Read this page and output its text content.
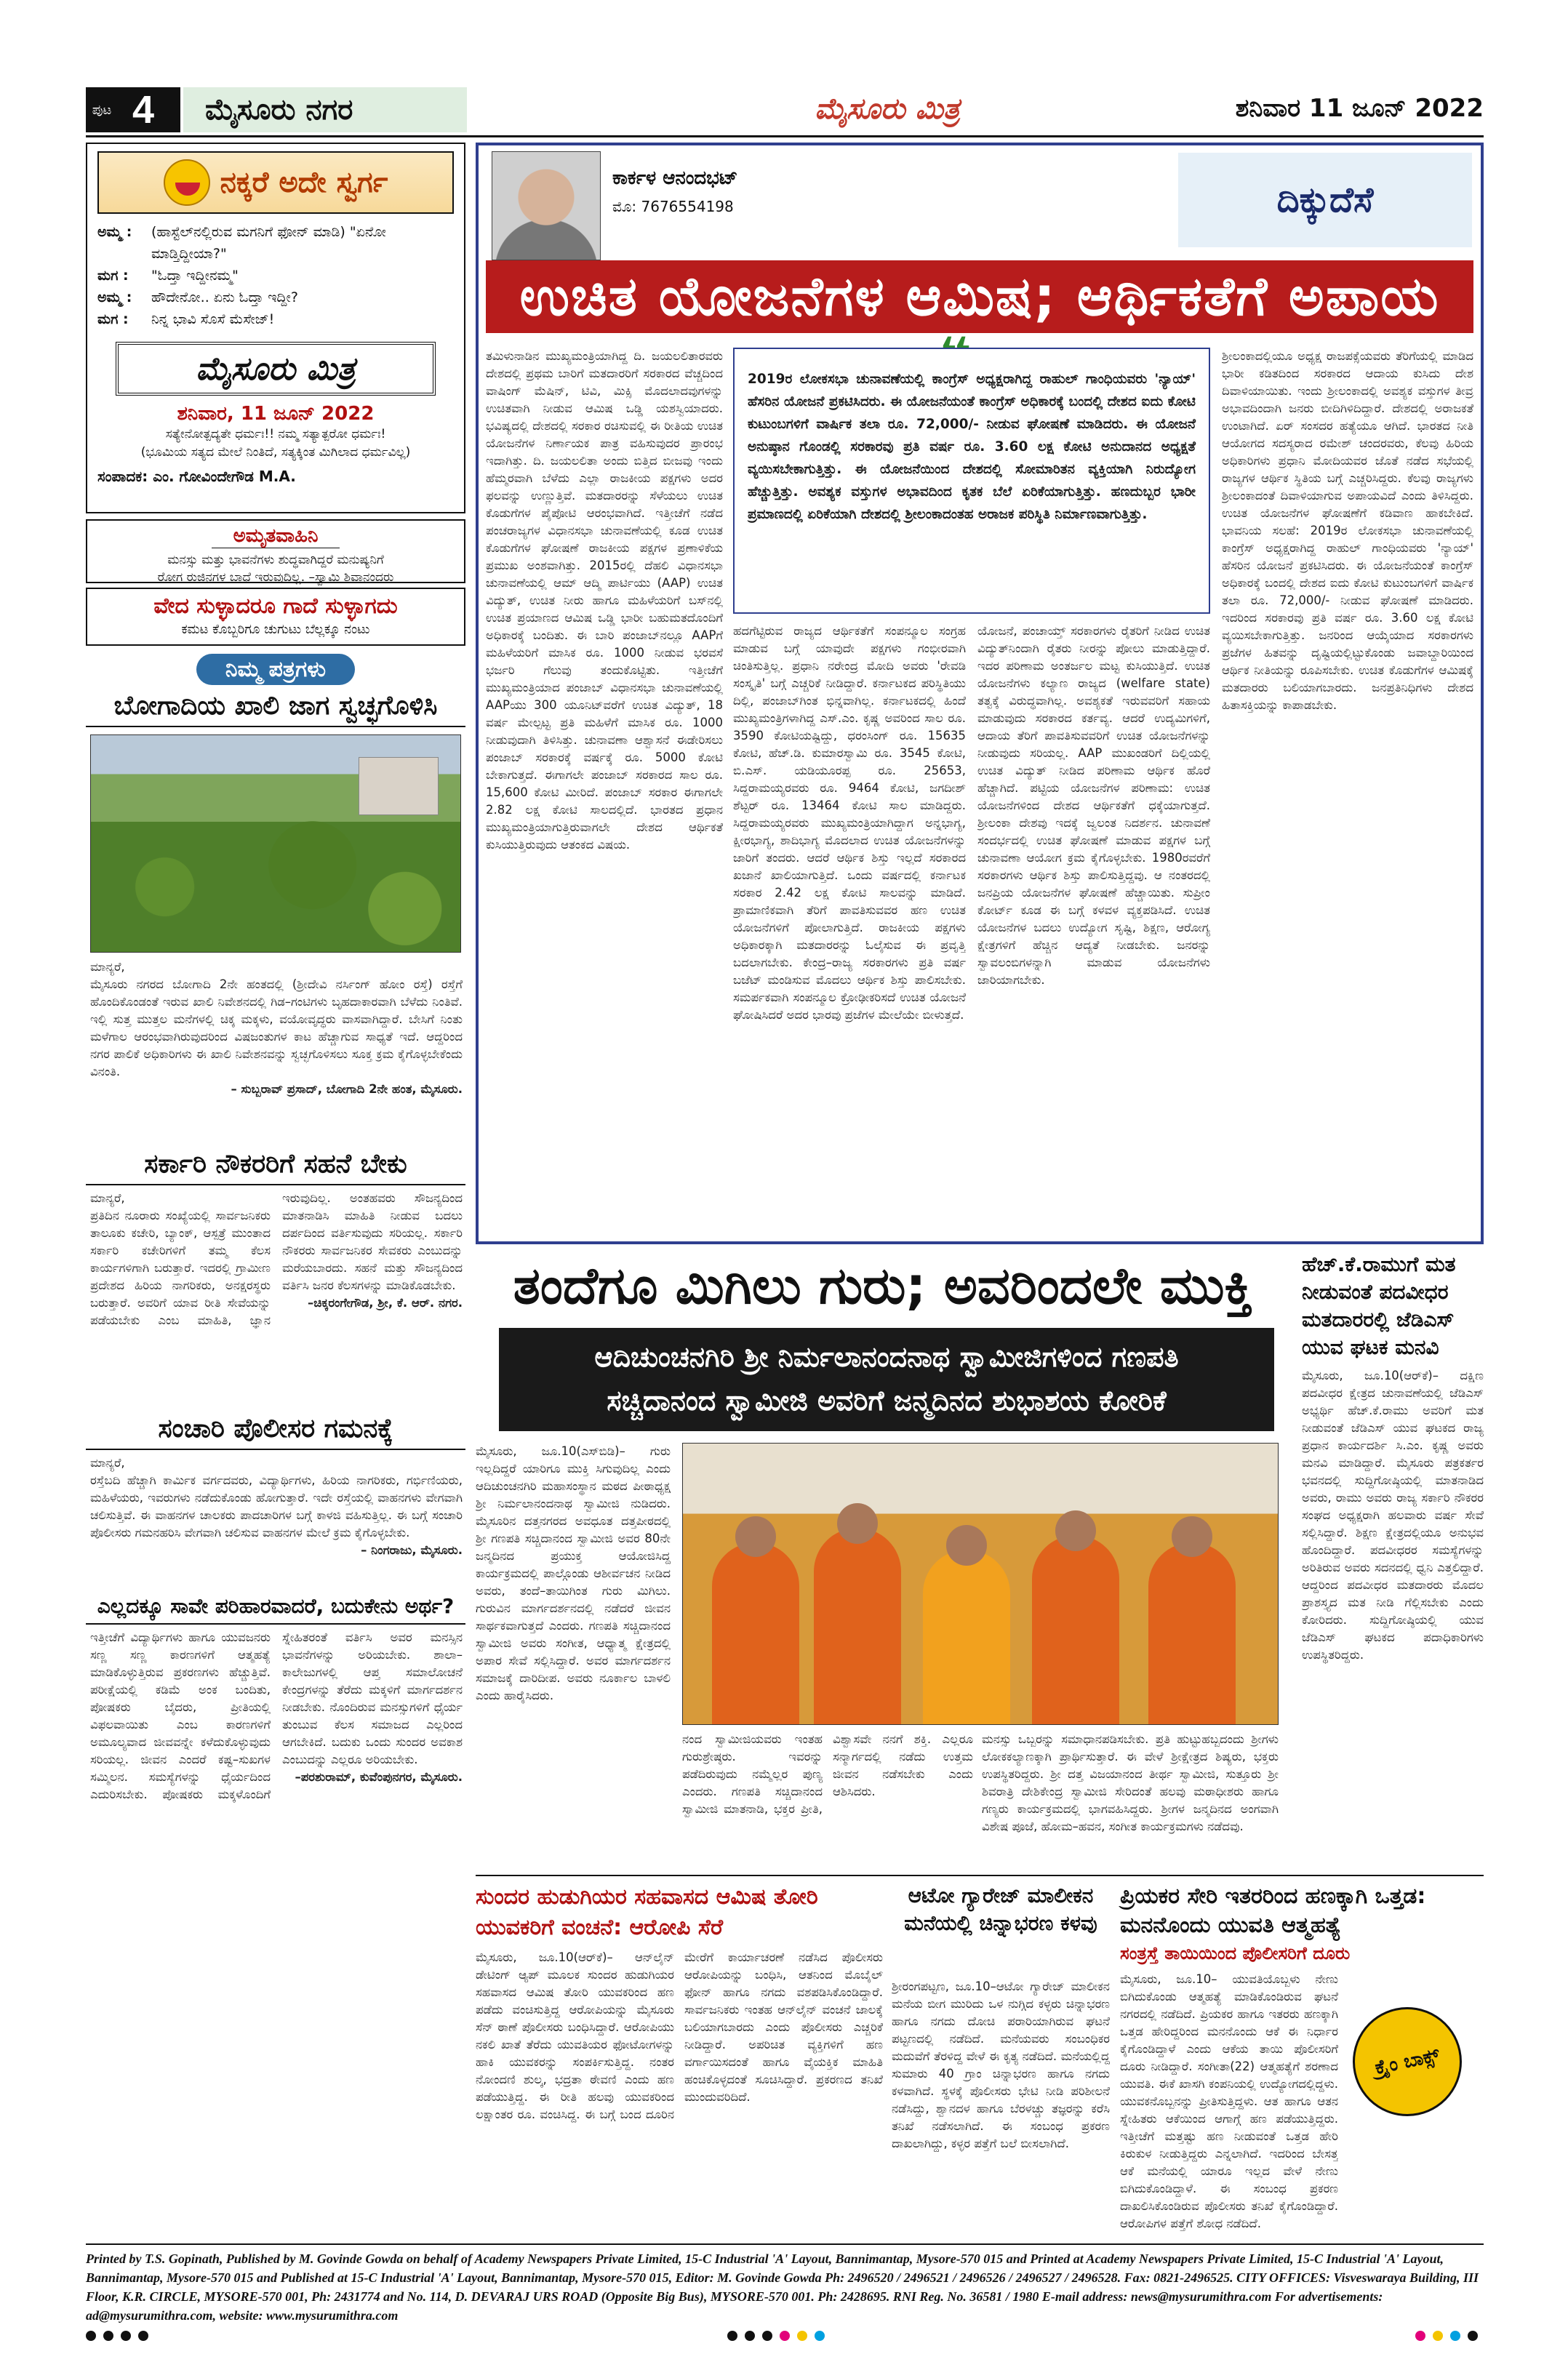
ಪುಟ 4	ಮೈಸೂರು ನಗರ	ಮೈಸೂರು ಮಿತ್ರ	ಶನಿವಾರ 11 ಜೂನ್ 2022
ನಕ್ಕರೆ ಅದೇ ಸ್ವರ್ಗ
ಅಮ್ಮ :	(ಹಾಸ್ಟೆಲ್‌ನಲ್ಲಿರುವ ಮಗನಿಗೆ ಫೋನ್ ಮಾಡಿ) "ಏನೋ ಮಾಡ್ತಿದ್ದೀಯಾ?"
ಮಗ :	"ಓದ್ತಾ ಇದ್ದೀನಮ್ಮ"
ಅಮ್ಮ :	ಹೌದೇನೋ.. ಏನು ಓದ್ತಾ ಇದ್ದೀ?
ಮಗ :	ನಿನ್ನ ಭಾವಿ ಸೊಸೆ ಮೆಸೇಜ್!
ಮೈಸೂರು ಮಿತ್ರ
ಶನಿವಾರ, 11 ಜೂನ್ 2022
ಸತ್ಯೇನೋತ್ಪದ್ಯತೇ ಧರ್ಮಃ!! ನಮ್ಮ ಸತ್ಯಾತ್ಪರೋ ಧರ್ಮಃ!
(ಭೂಮಿಯ ಸತ್ಯದ ಮೇಲೆ ನಿಂತಿದೆ, ಸತ್ಯಕ್ಕಿಂತ ಮಿಗಿಲಾದ ಧರ್ಮವಿಲ್ಲ)
ಸಂಪಾದಕ: ಎಂ. ಗೋವಿಂದೇಗೌಡ M.A.
ಅಮೃತವಾಹಿನಿ

ಮನಸ್ಸು ಮತ್ತು ಭಾವನೆಗಳು ಶುದ್ಧವಾಗಿದ್ದರೆ ಮನುಷ್ಯನಿಗೆ

ರೋಗ ರುಜಿನಗಳ ಬಾಧೆ ಇರುವುದಿಲ್ಲ. –ಸ್ವಾಮಿ ಶಿವಾನಂದರು

ವೇದ ಸುಳ್ಳಾದರೂ ಗಾದೆ ಸುಳ್ಳಾಗದು

ಕಮಟ ಕೊಬ್ಬರಿಗೂ ಚುಗುಟು ಬೆಲ್ಲಕ್ಕೂ ನಂಟು

ನಿಮ್ಮ ಪತ್ರಗಳು
ಬೋಗಾದಿಯ ಖಾಲಿ ಜಾಗ ಸ್ವಚ್ಛಗೊಳಿಸಿ
ಮಾನ್ಯರೆ,
ಮೈಸೂರು ನಗರದ ಬೋಗಾದಿ 2ನೇ ಹಂತದಲ್ಲಿ (ಶ್ರೀದೇವಿ ನರ್ಸಿಂಗ್ ಹೋಂ ರಸ್ತೆ) ರಸ್ತೆಗೆ ಹೊಂದಿಕೊಂಡಂತೆ ಇರುವ ಖಾಲಿ ನಿವೇಶನದಲ್ಲಿ ಗಿಡ–ಗಂಟಿಗಳು ಬೃಹದಾಕಾರವಾಗಿ ಬೆಳೆದು ನಿಂತಿವೆ. ಇಲ್ಲಿ ಸುತ್ತ ಮುತ್ತಲ ಮನೆಗಳಲ್ಲಿ ಚಿಕ್ಕ ಮಕ್ಕಳು, ವಯೋವೃದ್ಧರು ವಾಸವಾಗಿದ್ದಾರೆ. ಬೇಸಿಗೆ ನಿಂತು ಮಳೆಗಾಲ ಆರಂಭವಾಗಿರುವುದರಿಂದ ವಿಷಜಂತುಗಳ ಕಾಟ ಹೆಚ್ಚಾಗುವ ಸಾಧ್ಯತೆ ಇದೆ. ಆದ್ದರಿಂದ ನಗರ ಪಾಲಿಕೆ ಅಧಿಕಾರಿಗಳು ಈ ಖಾಲಿ ನಿವೇಶನವನ್ನು ಸ್ವಚ್ಛಗೊಳಿಸಲು ಸೂಕ್ತ ಕ್ರಮ ಕೈಗೊಳ್ಳಬೇಕೆಂದು ವಿನಂತಿ.
– ಸುಬ್ಬರಾವ್ ಪ್ರಸಾದ್, ಬೋಗಾದಿ 2ನೇ ಹಂತ, ಮೈಸೂರು.
ಸರ್ಕಾರಿ ನೌಕರರಿಗೆ ಸಹನೆ ಬೇಕು
ಮಾನ್ಯರೆ,
ಪ್ರತಿದಿನ ನೂರಾರು ಸಂಖ್ಯೆಯಲ್ಲಿ ಸಾರ್ವಜನಿಕರು ತಾಲೂಕು ಕಚೇರಿ, ಬ್ಯಾಂಕ್, ಆಸ್ಪತ್ರೆ ಮುಂತಾದ ಸರ್ಕಾರಿ ಕಚೇರಿಗಳಿಗೆ ತಮ್ಮ ಕೆಲಸ ಕಾರ್ಯಗಳಿಗಾಗಿ ಬರುತ್ತಾರೆ. ಇದರಲ್ಲಿ ಗ್ರಾಮೀಣ ಪ್ರದೇಶದ ಹಿರಿಯ ನಾಗರಿಕರು, ಅನಕ್ಷರಸ್ಥರು ಬರುತ್ತಾರೆ. ಅವರಿಗೆ ಯಾವ ರೀತಿ ಸೇವೆಯನ್ನು ಪಡೆಯಬೇಕು ಎಂಬ ಮಾಹಿತಿ, ಜ್ಞಾನ ಇರುವುದಿಲ್ಲ. ಅಂತಹವರು ಸೌಜನ್ಯದಿಂದ ಮಾತನಾಡಿಸಿ ಮಾಹಿತಿ ನೀಡುವ ಬದಲು ದರ್ಪದಿಂದ ವರ್ತಿಸುವುದು ಸರಿಯಲ್ಲ. ಸರ್ಕಾರಿ ನೌಕರರು ಸಾರ್ವಜನಿಕರ ಸೇವಕರು ಎಂಬುದನ್ನು ಮರೆಯಬಾರದು. ಸಹನೆ ಮತ್ತು ಸೌಜನ್ಯದಿಂದ ವರ್ತಿಸಿ ಜನರ ಕೆಲಸಗಳನ್ನು ಮಾಡಿಕೊಡಬೇಕು.
–ಚಿಕ್ಕರಂಗೇಗೌಡ, ಶ್ರೀ, ಕೆ. ಆರ್. ನಗರ.
ಸಂಚಾರಿ ಪೊಲೀಸರ ಗಮನಕ್ಕೆ
ಮಾನ್ಯರೆ,
ರಸ್ತೆಬದಿ ಹೆಚ್ಚಾಗಿ ಕಾರ್ಮಿಕ ವರ್ಗದವರು, ವಿದ್ಯಾರ್ಥಿಗಳು, ಹಿರಿಯ ನಾಗರಿಕರು, ಗರ್ಭಿಣಿಯರು, ಮಹಿಳೆಯರು, ಇವರುಗಳು ನಡೆದುಕೊಂಡು ಹೋಗುತ್ತಾರೆ. ಇದೇ ರಸ್ತೆಯಲ್ಲಿ ವಾಹನಗಳು ವೇಗವಾಗಿ ಚಲಿಸುತ್ತಿವೆ. ಈ ವಾಹನಗಳ ಚಾಲಕರು ಪಾದಚಾರಿಗಳ ಬಗ್ಗೆ ಕಾಳಜಿ ವಹಿಸುತ್ತಿಲ್ಲ. ಈ ಬಗ್ಗೆ ಸಂಚಾರಿ ಪೊಲೀಸರು ಗಮನಹರಿಸಿ ವೇಗವಾಗಿ ಚಲಿಸುವ ವಾಹನಗಳ ಮೇಲೆ ಕ್ರಮ ಕೈಗೊಳ್ಳಬೇಕು.
– ನಿಂಗರಾಜು, ಮೈಸೂರು.
ಎಲ್ಲದಕ್ಕೂ ಸಾವೇ ಪರಿಹಾರವಾದರೆ, ಬದುಕೇನು ಅರ್ಥ?
ಇತ್ತೀಚೆಗೆ ವಿದ್ಯಾರ್ಥಿಗಳು ಹಾಗೂ ಯುವಜನರು ಸಣ್ಣ ಸಣ್ಣ ಕಾರಣಗಳಿಗೆ ಆತ್ಮಹತ್ಯೆ ಮಾಡಿಕೊಳ್ಳುತ್ತಿರುವ ಪ್ರಕರಣಗಳು ಹೆಚ್ಚುತ್ತಿವೆ. ಪರೀಕ್ಷೆಯಲ್ಲಿ ಕಡಿಮೆ ಅಂಕ ಬಂದಿತು, ಪೋಷಕರು ಬೈದರು, ಪ್ರೀತಿಯಲ್ಲಿ ವಿಫಲವಾಯಿತು ಎಂಬ ಕಾರಣಗಳಿಗೆ ಅಮೂಲ್ಯವಾದ ಜೀವವನ್ನೇ ಕಳೆದುಕೊಳ್ಳುವುದು ಸರಿಯಲ್ಲ. ಜೀವನ ಎಂದರೆ ಕಷ್ಟ–ಸುಖಗಳ ಸಮ್ಮಿಲನ. ಸಮಸ್ಯೆಗಳನ್ನು ಧೈರ್ಯದಿಂದ ಎದುರಿಸಬೇಕು. ಪೋಷಕರು ಮಕ್ಕಳೊಂದಿಗೆ ಸ್ನೇಹಿತರಂತೆ ವರ್ತಿಸಿ ಅವರ ಮನಸ್ಸಿನ ಭಾವನೆಗಳನ್ನು ಅರಿಯಬೇಕು. ಶಾಲಾ–ಕಾಲೇಜುಗಳಲ್ಲಿ ಆಪ್ತ ಸಮಾಲೋಚನೆ ಕೇಂದ್ರಗಳನ್ನು ತೆರೆದು ಮಕ್ಕಳಿಗೆ ಮಾರ್ಗದರ್ಶನ ನೀಡಬೇಕು. ನೊಂದಿರುವ ಮನಸ್ಸುಗಳಿಗೆ ಧೈರ್ಯ ತುಂಬುವ ಕೆಲಸ ಸಮಾಜದ ಎಲ್ಲರಿಂದ ಆಗಬೇಕಿದೆ. ಬದುಕು ಒಂದು ಸುಂದರ ಅವಕಾಶ ಎಂಬುದನ್ನು ಎಲ್ಲರೂ ಅರಿಯಬೇಕು.
–ಪರಶುರಾಮ್, ಕುವೆಂಪುನಗರ, ಮೈಸೂರು.
ಕಾರ್ಕಳ ಆನಂದಭಟ್
ಮೊ: 7676554198	ದಿಕ್ಕುದೆಸೆ
ಉಚಿತ ಯೋಜನೆಗಳ ಆಮಿಷ; ಆರ್ಥಿಕತೆಗೆ ಅಪಾಯ
ತಮಿಳುನಾಡಿನ ಮುಖ್ಯಮಂತ್ರಿಯಾಗಿದ್ದ ದಿ. ಜಯಲಲಿತಾರವರು ದೇಶದಲ್ಲಿ ಪ್ರಥಮ ಬಾರಿಗೆ ಮತದಾರರಿಗೆ ಸರಕಾರದ ವೆಚ್ಚದಿಂದ ವಾಷಿಂಗ್ ಮೆಷಿನ್, ಟಿವಿ, ಮಿಕ್ಸಿ ಮೊದಲಾದವುಗಳನ್ನು ಉಚಿತವಾಗಿ ನೀಡುವ ಆಮಿಷ ಒಡ್ಡಿ ಯಶಸ್ವಿಯಾದರು. ಭವಿಷ್ಯದಲ್ಲಿ ದೇಶದಲ್ಲಿ ಸರಕಾರ ರಚಿಸುವಲ್ಲಿ ಈ ರೀತಿಯ ಉಚಿತ ಯೋಜನೆಗಳ ನಿರ್ಣಾಯಕ ಪಾತ್ರ ವಹಿಸುವುದರ ಪ್ರಾರಂಭ ಇದಾಗಿತ್ತು. ದಿ. ಜಯಲಲಿತಾ ಅಂದು ಬಿತ್ತಿದ ಬೀಜವು ಇಂದು ಹೆಮ್ಮರವಾಗಿ ಬೆಳೆದು ಎಲ್ಲಾ ರಾಜಕೀಯ ಪಕ್ಷಗಳು ಅದರ ಫಲವನ್ನು ಉಣ್ಣುತ್ತಿವೆ. ಮತದಾರರನ್ನು ಸೆಳೆಯಲು ಉಚಿತ ಕೊಡುಗೆಗಳ ಪೈಪೋಟಿ ಆರಂಭವಾಗಿದೆ. ಇತ್ತೀಚೆಗೆ ನಡೆದ ಪಂಚರಾಜ್ಯಗಳ ವಿಧಾನಸಭಾ ಚುನಾವಣೆಯಲ್ಲಿ ಕೂಡ ಉಚಿತ ಕೊಡುಗೆಗಳ ಘೋಷಣೆ ರಾಜಕೀಯ ಪಕ್ಷಗಳ ಪ್ರಣಾಳಿಕೆಯ ಪ್ರಮುಖ ಅಂಶವಾಗಿತ್ತು. 2015ರಲ್ಲಿ ದೆಹಲಿ ವಿಧಾನಸಭಾ ಚುನಾವಣೆಯಲ್ಲಿ ಆಮ್ ಆದ್ಮಿ ಪಾರ್ಟಿಯು (AAP) ಉಚಿತ ವಿದ್ಯುತ್, ಉಚಿತ ನೀರು ಹಾಗೂ ಮಹಿಳೆಯರಿಗೆ ಬಸ್‌ನಲ್ಲಿ ಉಚಿತ ಪ್ರಯಾಣದ ಆಮಿಷ ಒಡ್ಡಿ ಭಾರೀ ಬಹುಮತದೊಂದಿಗೆ ಅಧಿಕಾರಕ್ಕೆ ಬಂದಿತು. ಈ ಬಾರಿ ಪಂಜಾಬ್‌ನಲ್ಲೂ AAPಗೆ ಮಹಿಳೆಯರಿಗೆ ಮಾಸಿಕ ರೂ. 1000 ನೀಡುವ ಭರವಸೆ ಭರ್ಜರಿ ಗೆಲುವು ತಂದುಕೊಟ್ಟಿತು. ಇತ್ತೀಚೆಗೆ ಮುಖ್ಯಮಂತ್ರಿಯಾದ ಪಂಜಾಬ್ ವಿಧಾನಸಭಾ ಚುನಾವಣೆಯಲ್ಲಿ AAPಯು 300 ಯೂನಿಟ್‌ವರೆಗೆ ಉಚಿತ ವಿದ್ಯುತ್, 18 ವರ್ಷ ಮೇಲ್ಪಟ್ಟ ಪ್ರತಿ ಮಹಿಳೆಗೆ ಮಾಸಿಕ ರೂ. 1000 ನೀಡುವುದಾಗಿ ತಿಳಿಸಿತ್ತು. ಚುನಾವಣಾ ಆಶ್ವಾಸನೆ ಈಡೇರಿಸಲು ಪಂಜಾಬ್ ಸರಕಾರಕ್ಕೆ ವರ್ಷಕ್ಕೆ ರೂ. 5000 ಕೋಟಿ ಬೇಕಾಗುತ್ತದೆ. ಈಗಾಗಲೇ ಪಂಜಾಬ್ ಸರಕಾರದ ಸಾಲ ರೂ. 15,600 ಕೋಟಿ ಮೀರಿದೆ. ಪಂಜಾಬ್ ಸರಕಾರ ಈಗಾಗಲೇ 2.82 ಲಕ್ಷ ಕೋಟಿ ಸಾಲದಲ್ಲಿದೆ. ಭಾರತದ ಪ್ರಧಾನ ಮುಖ್ಯಮಂತ್ರಿಯಾಗುತ್ತಿರುವಾಗಲೇ ದೇಶದ ಆರ್ಥಿಕತೆ ಕುಸಿಯುತ್ತಿರುವುದು ಆತಂಕದ ವಿಷಯ.
2019ರ ಲೋಕಸಭಾ ಚುನಾವಣೆಯಲ್ಲಿ ಕಾಂಗ್ರೆಸ್ ಅಧ್ಯಕ್ಷರಾಗಿದ್ದ ರಾಹುಲ್ ಗಾಂಧಿಯವರು 'ನ್ಯಾಯ್' ಹೆಸರಿನ ಯೋಜನೆ ಪ್ರಕಟಿಸಿದರು. ಈ ಯೋಜನೆಯಂತೆ ಕಾಂಗ್ರೆಸ್ ಅಧಿಕಾರಕ್ಕೆ ಬಂದಲ್ಲಿ ದೇಶದ ಐದು ಕೋಟಿ ಕುಟುಂಬಗಳಿಗೆ ವಾರ್ಷಿಕ ತಲಾ ರೂ. 72,000/- ನೀಡುವ ಘೋಷಣೆ ಮಾಡಿದರು. ಈ ಯೋಜನೆ ಅನುಷ್ಠಾನ ಗೊಂಡಲ್ಲಿ ಸರಕಾರವು ಪ್ರತಿ ವರ್ಷ ರೂ. 3.60 ಲಕ್ಷ ಕೋಟಿ ಅನುದಾನದ ಅಧ್ಯಕ್ಷತೆ ವ್ಯಯಿಸಬೇಕಾಗುತ್ತಿತ್ತು. ಈ ಯೋಜನೆಯಿಂದ ದೇಶದಲ್ಲಿ ಸೋಮಾರಿತನ ವ್ಯಕ್ತಿಯಾಗಿ ನಿರುದ್ಯೋಗ ಹೆಚ್ಚುತ್ತಿತ್ತು. ಅವಶ್ಯಕ ವಸ್ತುಗಳ ಅಭಾವದಿಂದ ಕೃತಕ ಬೆಲೆ ಏರಿಕೆಯಾಗುತ್ತಿತ್ತು. ಹಣದುಬ್ಬರ ಭಾರೀ ಪ್ರಮಾಣದಲ್ಲಿ ಏರಿಕೆಯಾಗಿ ದೇಶದಲ್ಲಿ ಶ್ರೀಲಂಕಾದಂತಹ ಅರಾಜಕ ಪರಿಸ್ಥಿತಿ ನಿರ್ಮಾಣವಾಗುತ್ತಿತ್ತು.
ಹದಗೆಟ್ಟಿರುವ ರಾಜ್ಯದ ಆರ್ಥಿಕತೆಗೆ ಸಂಪನ್ಮೂಲ ಸಂಗ್ರಹ ಮಾಡುವ ಬಗ್ಗೆ ಯಾವುದೇ ಪಕ್ಷಗಳು ಗಂಭೀರವಾಗಿ ಚಿಂತಿಸುತ್ತಿಲ್ಲ. ಪ್ರಧಾನಿ ನರೇಂದ್ರ ಮೋದಿ ಅವರು 'ರೇವಡಿ ಸಂಸ್ಕೃತಿ' ಬಗ್ಗೆ ಎಚ್ಚರಿಕೆ ನೀಡಿದ್ದಾರೆ. ಕರ್ನಾಟಕದ ಪರಿಸ್ಥಿತಿಯು ದಿಲ್ಲಿ, ಪಂಜಾಬ್‌ಗಿಂತ ಭಿನ್ನವಾಗಿಲ್ಲ. ಕರ್ನಾಟಕದಲ್ಲಿ ಹಿಂದೆ ಮುಖ್ಯಮಂತ್ರಿಗಳಾಗಿದ್ದ ಎಸ್.ಎಂ. ಕೃಷ್ಣ ಅವರಿಂದ ಸಾಲ ರೂ. 3590 ಕೋಟಿಯಷ್ಟಿದ್ದು, ಧರಂಸಿಂಗ್ ರೂ. 15635 ಕೋಟಿ, ಹೆಚ್.ಡಿ. ಕುಮಾರಸ್ವಾಮಿ ರೂ. 3545 ಕೋಟಿ, ಬಿ.ಎಸ್. ಯಡಿಯೂರಪ್ಪ ರೂ. 25653, ಸಿದ್ದರಾಮಯ್ಯರವರು ರೂ. 9464 ಕೋಟಿ, ಜಗದೀಶ್ ಶೆಟ್ಟರ್ ರೂ. 13464 ಕೋಟಿ ಸಾಲ ಮಾಡಿದ್ದರು. ಸಿದ್ದರಾಮಯ್ಯರವರು ಮುಖ್ಯಮಂತ್ರಿಯಾಗಿದ್ದಾಗ ಅನ್ನಭಾಗ್ಯ, ಕ್ಷೀರಭಾಗ್ಯ, ಶಾದಿಭಾಗ್ಯ ಮೊದಲಾದ ಉಚಿತ ಯೋಜನೆಗಳನ್ನು ಜಾರಿಗೆ ತಂದರು. ಆದರೆ ಆರ್ಥಿಕ ಶಿಸ್ತು ಇಲ್ಲದೆ ಸರಕಾರದ ಖಜಾನೆ ಖಾಲಿಯಾಗುತ್ತಿದೆ. ಒಂದು ವರ್ಷದಲ್ಲಿ ಕರ್ನಾಟಕ ಸರಕಾರ 2.42 ಲಕ್ಷ ಕೋಟಿ ಸಾಲವನ್ನು ಮಾಡಿದೆ. ಪ್ರಾಮಾಣಿಕವಾಗಿ ತೆರಿಗೆ ಪಾವತಿಸುವವರ ಹಣ ಉಚಿತ ಯೋಜನೆಗಳಿಗೆ ಪೋಲಾಗುತ್ತಿದೆ. ರಾಜಕೀಯ ಪಕ್ಷಗಳು ಅಧಿಕಾರಕ್ಕಾಗಿ ಮತದಾರರನ್ನು ಓಲೈಸುವ ಈ ಪ್ರವೃತ್ತಿ ಬದಲಾಗಬೇಕು. ಕೇಂದ್ರ–ರಾಜ್ಯ ಸರಕಾರಗಳು ಪ್ರತಿ ವರ್ಷ ಬಜೆಟ್ ಮಂಡಿಸುವ ಮೊದಲು ಆರ್ಥಿಕ ಶಿಸ್ತು ಪಾಲಿಸಬೇಕು. ಸಮರ್ಪಕವಾಗಿ ಸಂಪನ್ಮೂಲ ಕ್ರೋಢೀಕರಿಸದೆ ಉಚಿತ ಯೋಜನೆ ಘೋಷಿಸಿದರೆ ಅದರ ಭಾರವು ಪ್ರಜೆಗಳ ಮೇಲೆಯೇ ಬೀಳುತ್ತದೆ.
ಯೋಜನೆ, ಪಂಚಾಯ್ತ್ ಸರಕಾರಗಳು ರೈತರಿಗೆ ನೀಡಿದ ಉಚಿತ ವಿದ್ಯುತ್‌ನಿಂದಾಗಿ ರೈತರು ನೀರನ್ನು ಪೋಲು ಮಾಡುತ್ತಿದ್ದಾರೆ. ಇದರ ಪರಿಣಾಮ ಅಂತರ್ಜಲ ಮಟ್ಟ ಕುಸಿಯುತ್ತಿದೆ. ಉಚಿತ ಯೋಜನೆಗಳು ಕಲ್ಯಾಣ ರಾಜ್ಯದ (welfare state) ತತ್ವಕ್ಕೆ ವಿರುದ್ಧವಾಗಿಲ್ಲ. ಅವಶ್ಯಕತೆ ಇರುವವರಿಗೆ ಸಹಾಯ ಮಾಡುವುದು ಸರಕಾರದ ಕರ್ತವ್ಯ. ಆದರೆ ಉದ್ಯಮಿಗಳಿಗೆ, ಆದಾಯ ತೆರಿಗೆ ಪಾವತಿಸುವವರಿಗೆ ಉಚಿತ ಯೋಜನೆಗಳನ್ನು ನೀಡುವುದು ಸರಿಯಲ್ಲ. AAP ಮುಖಂಡರಿಗೆ ದಿಲ್ಲಿಯಲ್ಲಿ ಉಚಿತ ವಿದ್ಯುತ್ ನೀಡಿದ ಪರಿಣಾಮ ಆರ್ಥಿಕ ಹೊರೆ ಹೆಚ್ಚಾಗಿದೆ. ಪಟ್ಟಿಯ ಯೋಜನೆಗಳ ಪರಿಣಾಮ: ಉಚಿತ ಯೋಜನೆಗಳಿಂದ ದೇಶದ ಆರ್ಥಿಕತೆಗೆ ಧಕ್ಕೆಯಾಗುತ್ತದೆ. ಶ್ರೀಲಂಕಾ ದೇಶವು ಇದಕ್ಕೆ ಜ್ವಲಂತ ನಿದರ್ಶನ. ಚುನಾವಣೆ ಸಂದರ್ಭದಲ್ಲಿ ಉಚಿತ ಘೋಷಣೆ ಮಾಡುವ ಪಕ್ಷಗಳ ಬಗ್ಗೆ ಚುನಾವಣಾ ಆಯೋಗ ಕ್ರಮ ಕೈಗೊಳ್ಳಬೇಕು. 1980ರವರೆಗೆ ಸರಕಾರಗಳು ಆರ್ಥಿಕ ಶಿಸ್ತು ಪಾಲಿಸುತ್ತಿದ್ದವು. ಆ ನಂತರದಲ್ಲಿ ಜನಪ್ರಿಯ ಯೋಜನೆಗಳ ಘೋಷಣೆ ಹೆಚ್ಚಾಯಿತು. ಸುಪ್ರೀಂ ಕೋರ್ಟ್ ಕೂಡ ಈ ಬಗ್ಗೆ ಕಳವಳ ವ್ಯಕ್ತಪಡಿಸಿದೆ. ಉಚಿತ ಯೋಜನೆಗಳ ಬದಲು ಉದ್ಯೋಗ ಸೃಷ್ಟಿ, ಶಿಕ್ಷಣ, ಆರೋಗ್ಯ ಕ್ಷೇತ್ರಗಳಿಗೆ ಹೆಚ್ಚಿನ ಆದ್ಯತೆ ನೀಡಬೇಕು. ಜನರನ್ನು ಸ್ವಾವಲಂಬಿಗಳನ್ನಾಗಿ ಮಾಡುವ ಯೋಜನೆಗಳು ಜಾರಿಯಾಗಬೇಕು.
ಶ್ರೀಲಂಕಾದಲ್ಲಿಯೂ ಅಧ್ಯಕ್ಷ ರಾಜಪಕ್ಸೆಯವರು ತೆರಿಗೆಯಲ್ಲಿ ಮಾಡಿದ ಭಾರೀ ಕಡಿತದಿಂದ ಸರಕಾರದ ಆದಾಯ ಕುಸಿದು ದೇಶ ದಿವಾಳಿಯಾಯಿತು. ಇಂದು ಶ್ರೀಲಂಕಾದಲ್ಲಿ ಅವಶ್ಯಕ ವಸ್ತುಗಳ ತೀವ್ರ ಅಭಾವದಿಂದಾಗಿ ಜನರು ಬೀದಿಗಿಳಿದಿದ್ದಾರೆ. ದೇಶದಲ್ಲಿ ಅರಾಜಕತೆ ಉಂಟಾಗಿದೆ. ಏರ್ ಸಂಸದರ ಹತ್ಯೆಯೂ ಆಗಿದೆ. ಭಾರತದ ನೀತಿ ಆಯೋಗದ ಸದಸ್ಯರಾದ ರಮೇಶ್ ಚಂದರವರು, ಕೆಲವು ಹಿರಿಯ ಅಧಿಕಾರಿಗಳು ಪ್ರಧಾನಿ ಮೋದಿಯವರ ಜೊತೆ ನಡೆದ ಸಭೆಯಲ್ಲಿ ರಾಜ್ಯಗಳ ಆರ್ಥಿಕ ಸ್ಥಿತಿಯ ಬಗ್ಗೆ ಎಚ್ಚರಿಸಿದ್ದರು. ಕೆಲವು ರಾಜ್ಯಗಳು ಶ್ರೀಲಂಕಾದಂತೆ ದಿವಾಳಿಯಾಗುವ ಅಪಾಯವಿದೆ ಎಂದು ತಿಳಿಸಿದ್ದರು. ಉಚಿತ ಯೋಜನೆಗಳ ಘೋಷಣೆಗೆ ಕಡಿವಾಣ ಹಾಕಬೇಕಿದೆ. ಭಾವನಿಯ ಸಲಹೆ: 2019ರ ಲೋಕಸಭಾ ಚುನಾವಣೆಯಲ್ಲಿ ಕಾಂಗ್ರೆಸ್ ಅಧ್ಯಕ್ಷರಾಗಿದ್ದ ರಾಹುಲ್ ಗಾಂಧಿಯವರು 'ನ್ಯಾಯ್' ಹೆಸರಿನ ಯೋಜನೆ ಪ್ರಕಟಿಸಿದರು. ಈ ಯೋಜನೆಯಂತೆ ಕಾಂಗ್ರೆಸ್ ಅಧಿಕಾರಕ್ಕೆ ಬಂದಲ್ಲಿ ದೇಶದ ಐದು ಕೋಟಿ ಕುಟುಂಬಗಳಿಗೆ ವಾರ್ಷಿಕ ತಲಾ ರೂ. 72,000/- ನೀಡುವ ಘೋಷಣೆ ಮಾಡಿದರು. ಇದರಿಂದ ಸರಕಾರವು ಪ್ರತಿ ವರ್ಷ ರೂ. 3.60 ಲಕ್ಷ ಕೋಟಿ ವ್ಯಯಿಸಬೇಕಾಗುತ್ತಿತ್ತು. ಜನರಿಂದ ಆಯ್ಕೆಯಾದ ಸರಕಾರಗಳು ಪ್ರಜೆಗಳ ಹಿತವನ್ನು ದೃಷ್ಟಿಯಲ್ಲಿಟ್ಟುಕೊಂಡು ಜವಾಬ್ದಾರಿಯಿಂದ ಆರ್ಥಿಕ ನೀತಿಯನ್ನು ರೂಪಿಸಬೇಕು. ಉಚಿತ ಕೊಡುಗೆಗಳ ಆಮಿಷಕ್ಕೆ ಮತದಾರರು ಬಲಿಯಾಗಬಾರದು. ಜನಪ್ರತಿನಿಧಿಗಳು ದೇಶದ ಹಿತಾಸಕ್ತಿಯನ್ನು ಕಾಪಾಡಬೇಕು.
ತಂದೆಗೂ ಮಿಗಿಲು ಗುರು; ಅವರಿಂದಲೇ ಮುಕ್ತಿ
ಆದಿಚುಂಚನಗಿರಿ ಶ್ರೀ ನಿರ್ಮಲಾನಂದನಾಥ ಸ್ವಾಮೀಜಿಗಳಿಂದ ಗಣಪತಿ
ಸಚ್ಚಿದಾನಂದ ಸ್ವಾಮೀಜಿ ಅವರಿಗೆ ಜನ್ಮದಿನದ ಶುಭಾಶಯ ಕೋರಿಕೆ
ಮೈಸೂರು, ಜೂ.10(ಎಸ್‌ಬಿಡಿ)– ಗುರು ಇಲ್ಲದಿದ್ದರೆ ಯಾರಿಗೂ ಮುಕ್ತಿ ಸಿಗುವುದಿಲ್ಲ ಎಂದು ಆದಿಚುಂಚನಗಿರಿ ಮಹಾಸಂಸ್ಥಾನ ಮಠದ ಪೀಠಾಧ್ಯಕ್ಷ ಶ್ರೀ ನಿರ್ಮಲಾನಂದನಾಥ ಸ್ವಾಮೀಜಿ ನುಡಿದರು. ಮೈಸೂರಿನ ದತ್ತನಗರದ ಅವಧೂತ ದತ್ತಪೀಠದಲ್ಲಿ ಶ್ರೀ ಗಣಪತಿ ಸಚ್ಚಿದಾನಂದ ಸ್ವಾಮೀಜಿ ಅವರ 80ನೇ ಜನ್ಮದಿನದ ಪ್ರಯುಕ್ತ ಆಯೋಜಿಸಿದ್ದ ಕಾರ್ಯಕ್ರಮದಲ್ಲಿ ಪಾಲ್ಗೊಂಡು ಆಶೀರ್ವಚನ ನೀಡಿದ ಅವರು, ತಂದೆ–ತಾಯಿಗಿಂತ ಗುರು ಮಿಗಿಲು. ಗುರುವಿನ ಮಾರ್ಗದರ್ಶನದಲ್ಲಿ ನಡೆದರೆ ಜೀವನ ಸಾರ್ಥಕವಾಗುತ್ತದೆ ಎಂದರು. ಗಣಪತಿ ಸಚ್ಚಿದಾನಂದ ಸ್ವಾಮೀಜಿ ಅವರು ಸಂಗೀತ, ಆಧ್ಯಾತ್ಮ ಕ್ಷೇತ್ರದಲ್ಲಿ ಅಪಾರ ಸೇವೆ ಸಲ್ಲಿಸಿದ್ದಾರೆ. ಅವರ ಮಾರ್ಗದರ್ಶನ ಸಮಾಜಕ್ಕೆ ದಾರಿದೀಪ. ಅವರು ನೂರ್ಕಾಲ ಬಾಳಲಿ ಎಂದು ಹಾರೈಸಿದರು.
ನಂದ ಸ್ವಾಮೀಜಿಯವರು ಇಂತಹ ಗುರುಶ್ರೇಷ್ಠರು. ಇವರನ್ನು ಪಡೆದಿರುವುದು ನಮ್ಮೆಲ್ಲರ ಪುಣ್ಯ ಎಂದರು. ಗಣಪತಿ ಸಚ್ಚಿದಾನಂದ ಸ್ವಾಮೀಜಿ ಮಾತನಾಡಿ, ಭಕ್ತರ ಪ್ರೀತಿ, ವಿಶ್ವಾಸವೇ ನನಗೆ ಶಕ್ತಿ. ಎಲ್ಲರೂ ಸನ್ಮಾರ್ಗದಲ್ಲಿ ನಡೆದು ಉತ್ತಮ ಜೀವನ ನಡೆಸಬೇಕು ಎಂದು ಆಶಿಸಿದರು.
ಮನಸ್ಸು ಒಬ್ಬರನ್ನು ಸಮಾಧಾನಪಡಿಸಬೇಕು. ಪ್ರತಿ ಹುಟ್ಟುಹಬ್ಬದಂದು ಶ್ರೀಗಳು ಲೋಕಕಲ್ಯಾಣಕ್ಕಾಗಿ ಪ್ರಾರ್ಥಿಸುತ್ತಾರೆ. ಈ ವೇಳೆ ಶ್ರೀಕ್ಷೇತ್ರದ ಶಿಷ್ಯರು, ಭಕ್ತರು ಉಪಸ್ಥಿತರಿದ್ದರು. ಶ್ರೀ ದತ್ತ ವಿಜಯಾನಂದ ತೀರ್ಥ ಸ್ವಾಮೀಜಿ, ಸುತ್ತೂರು ಶ್ರೀ ಶಿವರಾತ್ರಿ ದೇಶಿಕೇಂದ್ರ ಸ್ವಾಮೀಜಿ ಸೇರಿದಂತೆ ಹಲವು ಮಠಾಧೀಶರು ಹಾಗೂ ಗಣ್ಯರು ಕಾರ್ಯಕ್ರಮದಲ್ಲಿ ಭಾಗವಹಿಸಿದ್ದರು. ಶ್ರೀಗಳ ಜನ್ಮದಿನದ ಅಂಗವಾಗಿ ವಿಶೇಷ ಪೂಜೆ, ಹೋಮ–ಹವನ, ಸಂಗೀತ ಕಾರ್ಯಕ್ರಮಗಳು ನಡೆದವು.
ಹೆಚ್.ಕೆ.ರಾಮುಗೆ ಮತ ನೀಡುವಂತೆ ಪದವೀಧರ ಮತದಾರರಲ್ಲಿ ಜೆಡಿಎಸ್ ಯುವ ಘಟಕ ಮನವಿ
ಮೈಸೂರು, ಜೂ.10(ಆರ್‌ಕೆ)– ದಕ್ಷಿಣ ಪದವೀಧರ ಕ್ಷೇತ್ರದ ಚುನಾವಣೆಯಲ್ಲಿ ಜೆಡಿಎಸ್ ಅಭ್ಯರ್ಥಿ ಹೆಚ್.ಕೆ.ರಾಮು ಅವರಿಗೆ ಮತ ನೀಡುವಂತೆ ಜೆಡಿಎಸ್ ಯುವ ಘಟಕದ ರಾಜ್ಯ ಪ್ರಧಾನ ಕಾರ್ಯದರ್ಶಿ ಸಿ.ಎಂ. ಕೃಷ್ಣ ಅವರು ಮನವಿ ಮಾಡಿದ್ದಾರೆ. ಮೈಸೂರು ಪತ್ರಕರ್ತರ ಭವನದಲ್ಲಿ ಸುದ್ದಿಗೋಷ್ಠಿಯಲ್ಲಿ ಮಾತನಾಡಿದ ಅವರು, ರಾಮು ಅವರು ರಾಜ್ಯ ಸರ್ಕಾರಿ ನೌಕರರ ಸಂಘದ ಅಧ್ಯಕ್ಷರಾಗಿ ಹಲವಾರು ವರ್ಷ ಸೇವೆ ಸಲ್ಲಿಸಿದ್ದಾರೆ. ಶಿಕ್ಷಣ ಕ್ಷೇತ್ರದಲ್ಲಿಯೂ ಅನುಭವ ಹೊಂದಿದ್ದಾರೆ. ಪದವೀಧರರ ಸಮಸ್ಯೆಗಳನ್ನು ಅರಿತಿರುವ ಅವರು ಸದನದಲ್ಲಿ ಧ್ವನಿ ಎತ್ತಲಿದ್ದಾರೆ. ಆದ್ದರಿಂದ ಪದವೀಧರ ಮತದಾರರು ಮೊದಲ ಪ್ರಾಶಸ್ತ್ಯದ ಮತ ನೀಡಿ ಗೆಲ್ಲಿಸಬೇಕು ಎಂದು ಕೋರಿದರು. ಸುದ್ದಿಗೋಷ್ಠಿಯಲ್ಲಿ ಯುವ ಜೆಡಿಎಸ್ ಘಟಕದ ಪದಾಧಿಕಾರಿಗಳು ಉಪಸ್ಥಿತರಿದ್ದರು.
ಸುಂದರ ಹುಡುಗಿಯರ ಸಹವಾಸದ ಆಮಿಷ ತೋರಿ ಯುವಕರಿಗೆ ವಂಚನೆ: ಆರೋಪಿ ಸೆರೆ
ಮೈಸೂರು, ಜೂ.10(ಆರ್‌ಕೆ)– ಆನ್‌ಲೈನ್ ಡೇಟಿಂಗ್ ಆ್ಯಪ್ ಮೂಲಕ ಸುಂದರ ಹುಡುಗಿಯರ ಸಹವಾಸದ ಆಮಿಷ ತೋರಿ ಯುವಕರಿಂದ ಹಣ ಪಡೆದು ವಂಚಿಸುತ್ತಿದ್ದ ಆರೋಪಿಯನ್ನು ಮೈಸೂರು ಸೆನ್ ಠಾಣೆ ಪೊಲೀಸರು ಬಂಧಿಸಿದ್ದಾರೆ. ಆರೋಪಿಯು ನಕಲಿ ಖಾತೆ ತೆರೆದು ಯುವತಿಯರ ಫೋಟೋಗಳನ್ನು ಹಾಕಿ ಯುವಕರನ್ನು ಸಂಪರ್ಕಿಸುತ್ತಿದ್ದ. ನಂತರ ನೋಂದಣಿ ಶುಲ್ಕ, ಭದ್ರತಾ ಠೇವಣಿ ಎಂದು ಹಣ ಪಡೆಯುತ್ತಿದ್ದ. ಈ ರೀತಿ ಹಲವು ಯುವಕರಿಂದ ಲಕ್ಷಾಂತರ ರೂ. ವಂಚಿಸಿದ್ದ. ಈ ಬಗ್ಗೆ ಬಂದ ದೂರಿನ ಮೇರೆಗೆ ಕಾರ್ಯಾಚರಣೆ ನಡೆಸಿದ ಪೊಲೀಸರು ಆರೋಪಿಯನ್ನು ಬಂಧಿಸಿ, ಆತನಿಂದ ಮೊಬೈಲ್ ಫೋನ್ ಹಾಗೂ ನಗದು ವಶಪಡಿಸಿಕೊಂಡಿದ್ದಾರೆ. ಸಾರ್ವಜನಿಕರು ಇಂತಹ ಆನ್‌ಲೈನ್ ವಂಚನೆ ಜಾಲಕ್ಕೆ ಬಲಿಯಾಗಬಾರದು ಎಂದು ಪೊಲೀಸರು ಎಚ್ಚರಿಕೆ ನೀಡಿದ್ದಾರೆ. ಅಪರಿಚಿತ ವ್ಯಕ್ತಿಗಳಿಗೆ ಹಣ ವರ್ಗಾಯಿಸದಂತೆ ಹಾಗೂ ವೈಯಕ್ತಿಕ ಮಾಹಿತಿ ಹಂಚಿಕೊಳ್ಳದಂತೆ ಸೂಚಿಸಿದ್ದಾರೆ. ಪ್ರಕರಣದ ತನಿಖೆ ಮುಂದುವರಿದಿದೆ.
ಆಟೋ ಗ್ಯಾರೇಜ್ ಮಾಲೀಕನ ಮನೆಯಲ್ಲಿ ಚಿನ್ನಾಭರಣ ಕಳವು
ಶ್ರೀರಂಗಪಟ್ಟಣ, ಜೂ.10–ಆಟೋ ಗ್ಯಾರೇಜ್ ಮಾಲೀಕನ ಮನೆಯ ಬೀಗ ಮುರಿದು ಒಳ ನುಗ್ಗಿದ ಕಳ್ಳರು ಚಿನ್ನಾಭರಣ ಹಾಗೂ ನಗದು ದೋಚಿ ಪರಾರಿಯಾಗಿರುವ ಘಟನೆ ಪಟ್ಟಣದಲ್ಲಿ ನಡೆದಿದೆ. ಮನೆಯವರು ಸಂಬಂಧಿಕರ ಮದುವೆಗೆ ತೆರಳಿದ್ದ ವೇಳೆ ಈ ಕೃತ್ಯ ನಡೆದಿದೆ. ಮನೆಯಲ್ಲಿದ್ದ ಸುಮಾರು 40 ಗ್ರಾಂ ಚಿನ್ನಾಭರಣ ಹಾಗೂ ನಗದು ಕಳವಾಗಿದೆ. ಸ್ಥಳಕ್ಕೆ ಪೊಲೀಸರು ಭೇಟಿ ನೀಡಿ ಪರಿಶೀಲನೆ ನಡೆಸಿದ್ದು, ಶ್ವಾನದಳ ಹಾಗೂ ಬೆರಳಚ್ಚು ತಜ್ಞರನ್ನು ಕರೆಸಿ ತನಿಖೆ ನಡೆಸಲಾಗಿದೆ. ಈ ಸಂಬಂಧ ಪ್ರಕರಣ ದಾಖಲಾಗಿದ್ದು, ಕಳ್ಳರ ಪತ್ತೆಗೆ ಬಲೆ ಬೀಸಲಾಗಿದೆ.
ಪ್ರಿಯಕರ ಸೇರಿ ಇತರರಿಂದ ಹಣಕ್ಕಾಗಿ ಒತ್ತಡ: ಮನನೊಂದು ಯುವತಿ ಆತ್ಮಹತ್ಯೆ
ಸಂತ್ರಸ್ತೆ ತಾಯಿಯಿಂದ ಪೊಲೀಸರಿಗೆ ದೂರು
ಮೈಸೂರು, ಜೂ.10– ಯುವತಿಯೊಬ್ಬಳು ನೇಣು ಬಿಗಿದುಕೊಂಡು ಆತ್ಮಹತ್ಯೆ ಮಾಡಿಕೊಂಡಿರುವ ಘಟನೆ ನಗರದಲ್ಲಿ ನಡೆದಿದೆ. ಪ್ರಿಯಕರ ಹಾಗೂ ಇತರರು ಹಣಕ್ಕಾಗಿ ಒತ್ತಡ ಹೇರಿದ್ದರಿಂದ ಮನನೊಂದು ಆಕೆ ಈ ನಿರ್ಧಾರ ಕೈಗೊಂಡಿದ್ದಾಳೆ ಎಂದು ಆಕೆಯ ತಾಯಿ ಪೊಲೀಸರಿಗೆ ದೂರು ನೀಡಿದ್ದಾರೆ. ಸಂಗೀತಾ(22) ಆತ್ಮಹತ್ಯೆಗೆ ಶರಣಾದ ಯುವತಿ. ಈಕೆ ಖಾಸಗಿ ಕಂಪನಿಯಲ್ಲಿ ಉದ್ಯೋಗದಲ್ಲಿದ್ದಳು. ಯುವಕನೊಬ್ಬನನ್ನು ಪ್ರೀತಿಸುತ್ತಿದ್ದಳು. ಆತ ಹಾಗೂ ಆತನ ಸ್ನೇಹಿತರು ಆಕೆಯಿಂದ ಆಗಾಗ್ಗೆ ಹಣ ಪಡೆಯುತ್ತಿದ್ದರು. ಇತ್ತೀಚೆಗೆ ಮತ್ತಷ್ಟು ಹಣ ನೀಡುವಂತೆ ಒತ್ತಡ ಹೇರಿ ಕಿರುಕುಳ ನೀಡುತ್ತಿದ್ದರು ಎನ್ನಲಾಗಿದೆ. ಇದರಿಂದ ಬೇಸತ್ತ ಆಕೆ ಮನೆಯಲ್ಲಿ ಯಾರೂ ಇಲ್ಲದ ವೇಳೆ ನೇಣು ಬಿಗಿದುಕೊಂಡಿದ್ದಾಳೆ. ಈ ಸಂಬಂಧ ಪ್ರಕರಣ ದಾಖಲಿಸಿಕೊಂಡಿರುವ ಪೊಲೀಸರು ತನಿಖೆ ಕೈಗೊಂಡಿದ್ದಾರೆ. ಆರೋಪಿಗಳ ಪತ್ತೆಗೆ ಶೋಧ ನಡೆದಿದೆ.
ಕ್ರೈಂ ಬಾಕ್ಸ್
Printed by T.S. Gopinath, Published by M. Govinde Gowda on behalf of Academy Newspapers Private Limited, 15-C Industrial 'A' Layout, Bannimantap, Mysore-570 015 and Printed at Academy Newspapers Private Limited, 15-C Industrial 'A' Layout, Bannimantap, Mysore-570 015 and Published at 15-C Industrial 'A' Layout, Bannimantap, Mysore-570 015, Editor: M. Govinde Gowda Ph: 2496520 / 2496521 / 2496526 / 2496527 / 2496528. Fax: 0821-2496525. CITY OFFICES: Visveswaraya Building, III Floor, K.R. CIRCLE, MYSORE-570 001, Ph: 2431774 and No. 114, D. DEVARAJ URS ROAD (Opposite Big Bus), MYSORE-570 001. Ph: 2428695. RNI Reg. No. 36581 / 1980 E-mail address: news@mysurumithra.com For advertisements: ad@mysurumithra.com, website: www.mysurumithra.com
